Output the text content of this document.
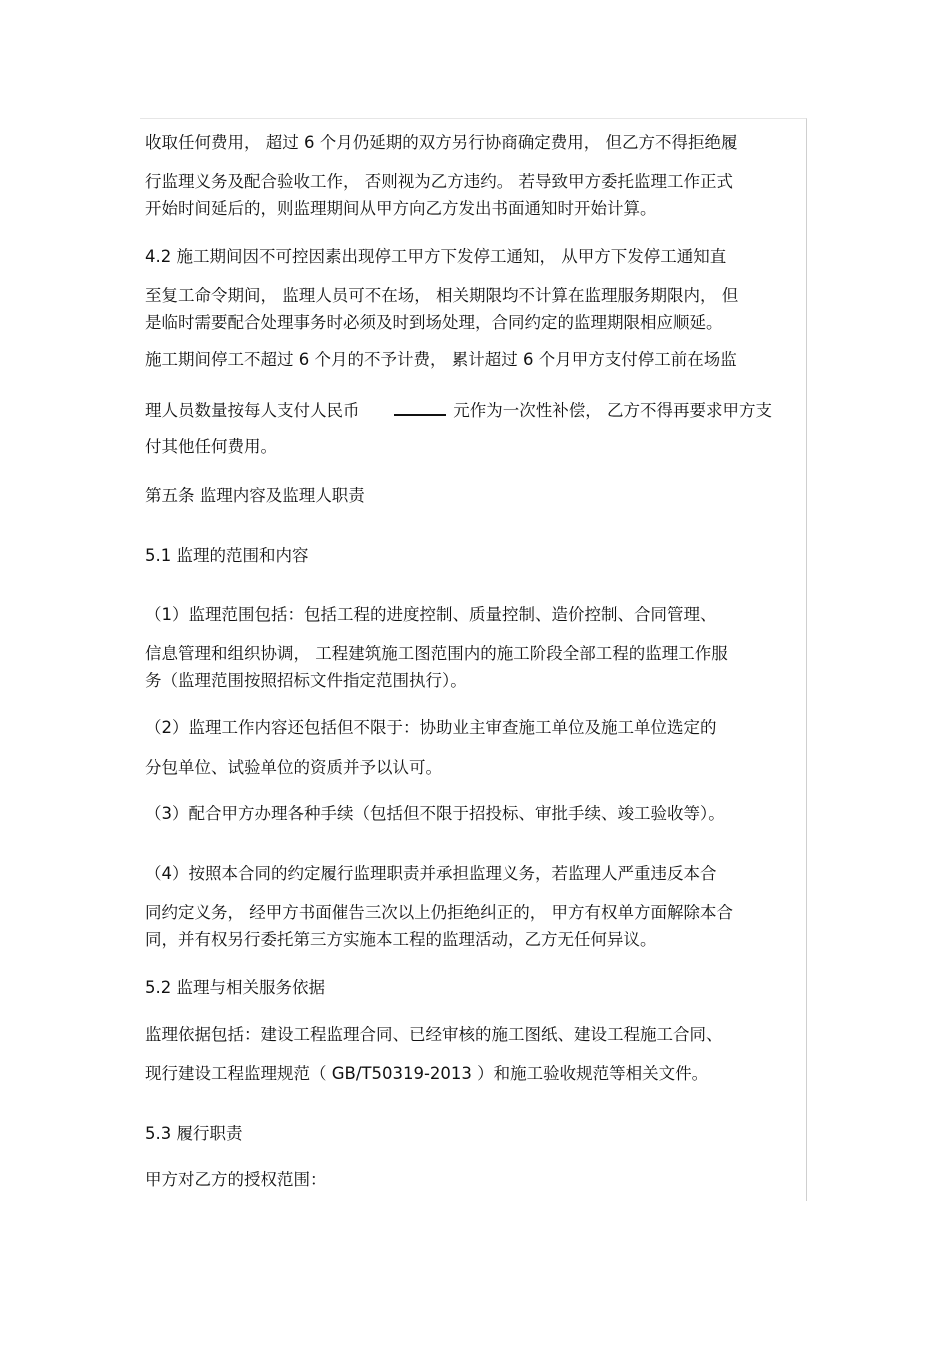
收取任何费用， 超过 6 个月仍延期的双方另行协商确定费用， 但乙方不得拒绝履
行监理义务及配合验收工作， 否则视为乙方违约。 若导致甲方委托监理工作正式
开始时间延后的，则监理期间从甲方向乙方发出书面通知时开始计算。
4.2 施工期间因不可控因素出现停工甲方下发停工通知， 从甲方下发停工通知直
至复工命令期间， 监理人员可不在场， 相关期限均不计算在监理服务期限内， 但
是临时需要配合处理事务时必须及时到场处理，合同约定的监理期限相应顺延。
施工期间停工不超过 6 个月的不予计费， 累计超过 6 个月甲方支付停工前在场监
理人员数量按每人支付人民币	元作为一次性补偿， 乙方不得再要求甲方支
付其他任何费用。
第五条 监理内容及监理人职责
5.1 监理的范围和内容
（1）监理范围包括：包括工程的进度控制、质量控制、造价控制、合同管理、
信息管理和组织协调， 工程建筑施工图范围内的施工阶段全部工程的监理工作服
务（监理范围按照招标文件指定范围执行）。
（2）监理工作内容还包括但不限于：协助业主审查施工单位及施工单位选定的
分包单位、试验单位的资质并予以认可。
（3）配合甲方办理各种手续（包括但不限于招投标、审批手续、竣工验收等）。
（4）按照本合同的约定履行监理职责并承担监理义务，若监理人严重违反本合
同约定义务， 经甲方书面催告三次以上仍拒绝纠正的， 甲方有权单方面解除本合
同，并有权另行委托第三方实施本工程的监理活动，乙方无任何异议。
5.2 监理与相关服务依据
监理依据包括：建设工程监理合同、已经审核的施工图纸、建设工程施工合同、
现行建设工程监理规范（ GB/T50319-2013 ）和施工验收规范等相关文件。
5.3 履行职责
甲方对乙方的授权范围：
